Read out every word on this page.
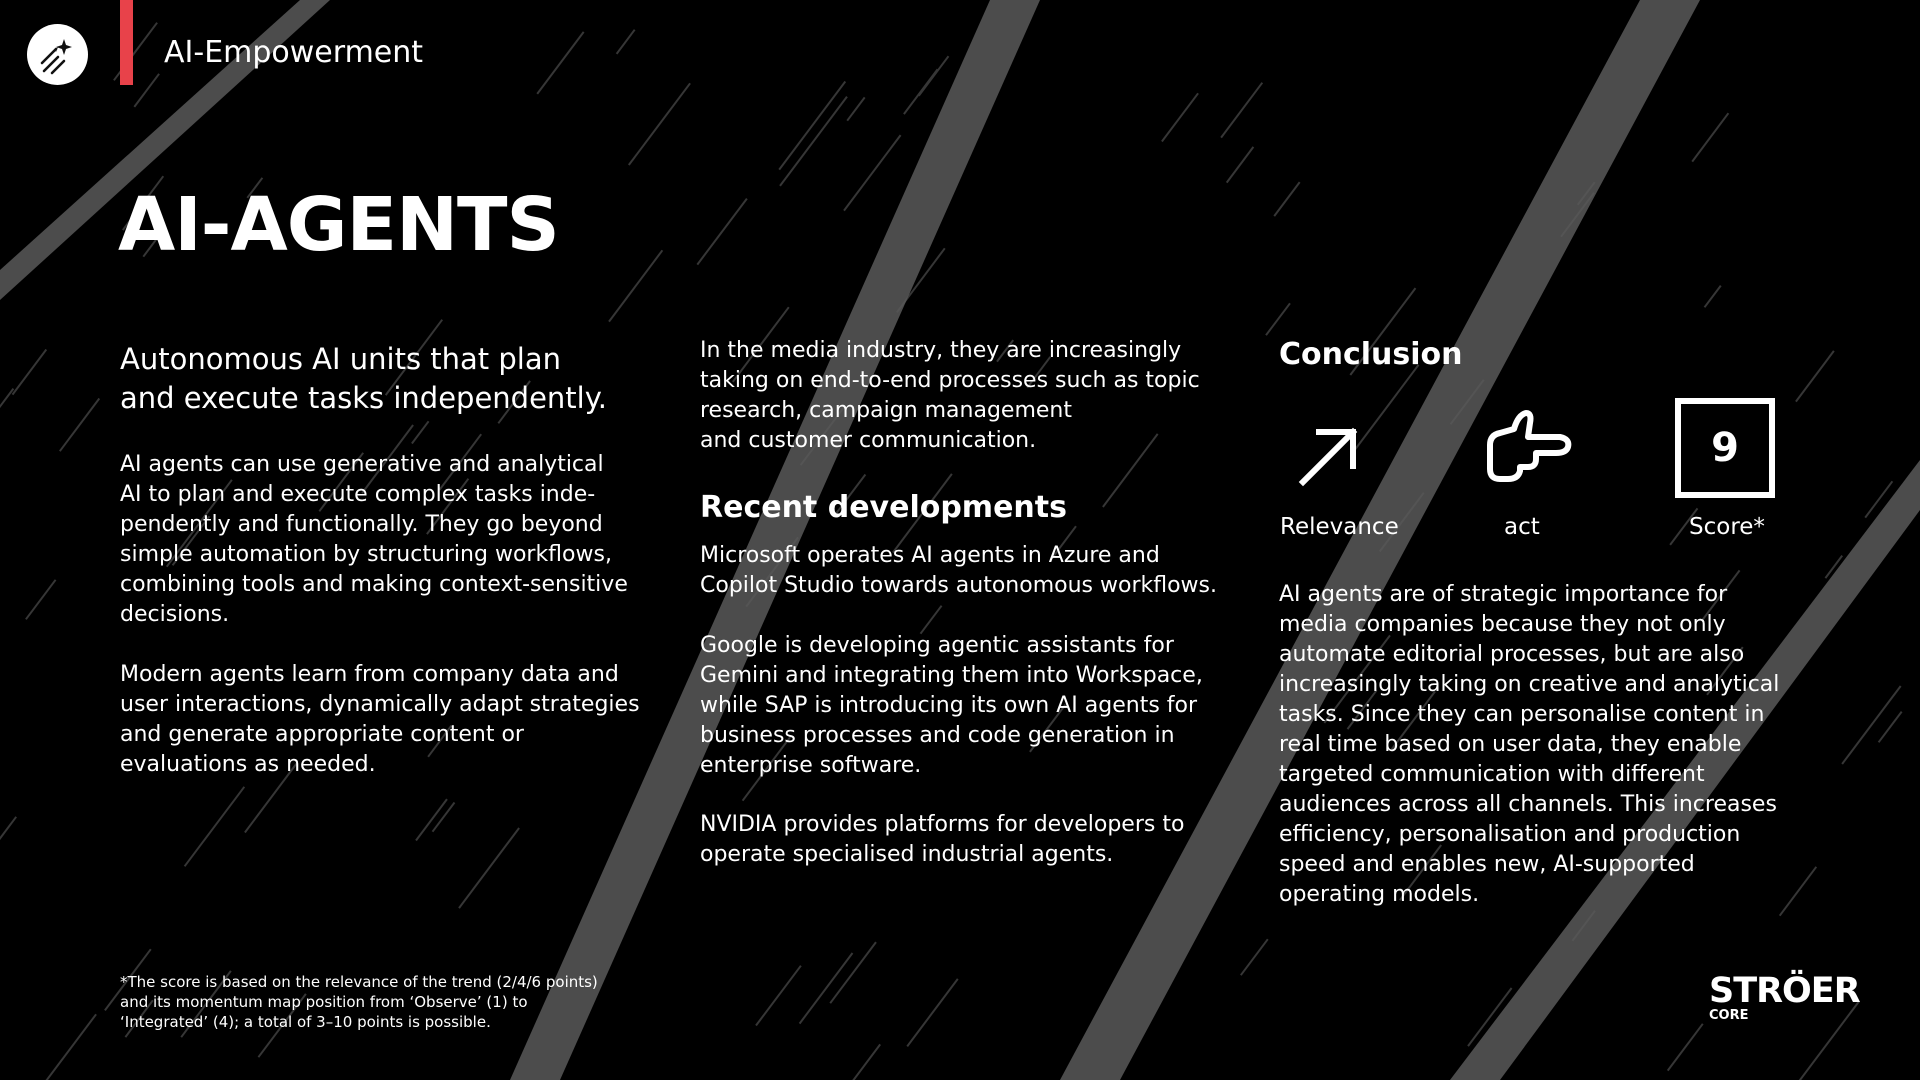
AI-Empowerment
AI-AGENTS
Autonomous AI units that plan
and execute tasks independently.
AI agents can use generative and analytical
AI to plan and execute complex tasks inde-
pendently and functionally. They go beyond
simple automation by structuring workflows,
combining tools and making context-sensitive
decisions.
Modern agents learn from company data and
user interactions, dynamically adapt strategies
and generate appropriate content or
evaluations as needed.
In the media industry, they are increasingly
taking on end-to-end processes such as topic
research, campaign management
and customer communication.
Recent developments
Microsoft operates AI agents in Azure and
Copilot Studio towards autonomous workflows.
Google is developing agentic assistants for
Gemini and integrating them into Workspace,
while SAP is introducing its own AI agents for
business processes and code generation in
enterprise software.
NVIDIA provides platforms for developers to
operate specialised industrial agents.
Conclusion
9
Relevance	act	Score*
AI agents are of strategic importance for
media companies because they not only
automate editorial processes, but are also
increasingly taking on creative and analytical
tasks. Since they can personalise content in
real time based on user data, they enable
targeted communication with different
audiences across all channels. This increases
efficiency, personalisation and production
speed and enables new, AI-supported
operating models.
*The score is based on the relevance of the trend (2/4/6 points)
and its momentum map position from ‘Observe’ (1) to
‘Integrated’ (4); a total of 3–10 points is possible.
STRÖER
CORE
